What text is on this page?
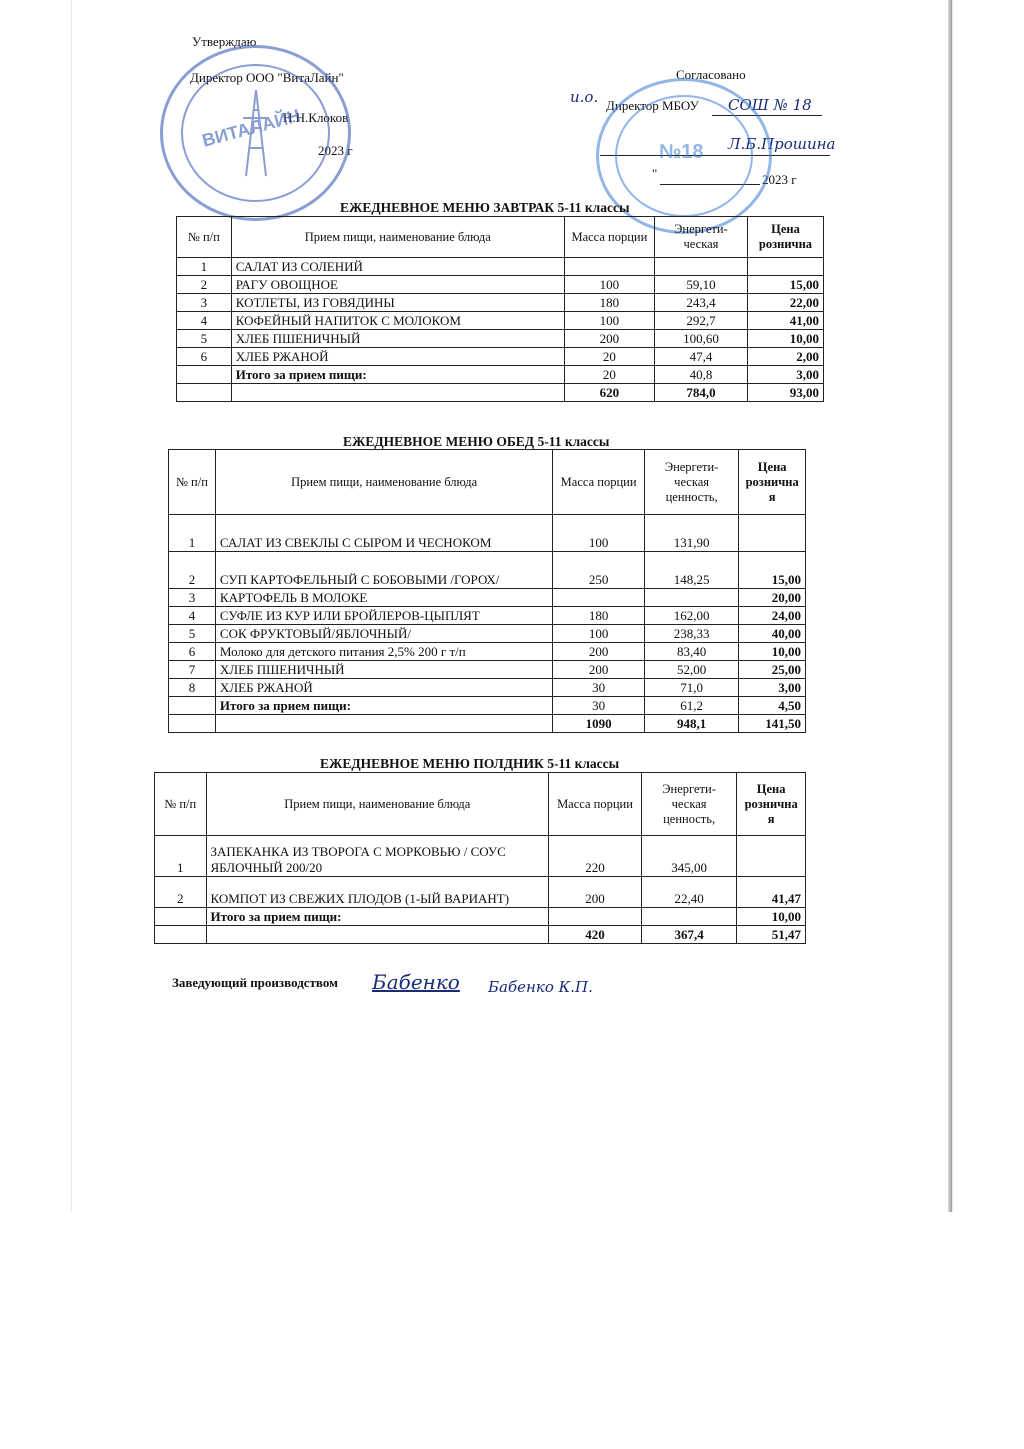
Утверждаю
Директор ООО "ВитаЛайн"
Н.Н.Клоков
2023 г
ВИТАЛАЙН
Согласовано
и.о. Директор МБОУ СОШ № 18
Л.Б.Прошина
"	2023 г
№18
ЕЖЕДНЕВНОЕ МЕНЮ ЗАВТРАК 5-11 классы
№ п/п	Прием пищи, наименование блюда	Масса порции	Энергети-ческая	Цена рознична
1	САЛАТ ИЗ СОЛЕНИЙ			
2	РАГУ ОВОЩНОЕ	100	59,10	15,00
3	КОТЛЕТЫ, ИЗ ГОВЯДИНЫ	180	243,4	22,00
4	КОФЕЙНЫЙ НАПИТОК С МОЛОКОМ	100	292,7	41,00
5	ХЛЕБ ПШЕНИЧНЫЙ	200	100,60	10,00
6	ХЛЕБ РЖАНОЙ	20	47,4	2,00
	Итого за прием пищи:	20	40,8	3,00
		620	784,0	93,00
ЕЖЕДНЕВНОЕ МЕНЮ ОБЕД 5-11 классы
№ п/п	Прием пищи, наименование блюда	Масса порции	Энергети-ческая ценность,	Цена рознична я
1	САЛАТ ИЗ СВЕКЛЫ С СЫРОМ И ЧЕСНОКОМ	100	131,90	
2	СУП КАРТОФЕЛЬНЫЙ С БОБОВЫМИ /ГОРОХ/	250	148,25	15,00
3	КАРТОФЕЛЬ В МОЛОКЕ			20,00
4	СУФЛЕ ИЗ КУР ИЛИ БРОЙЛЕРОВ-ЦЫПЛЯТ	180	162,00	24,00
5	СОК ФРУКТОВЫЙ/ЯБЛОЧНЫЙ/	100	238,33	40,00
6	Молоко для детского питания 2,5% 200 г т/п	200	83,40	10,00
7	ХЛЕБ ПШЕНИЧНЫЙ	200	52,00	25,00
8	ХЛЕБ РЖАНОЙ	30	71,0	3,00
	Итого за прием пищи:	30	61,2	4,50
		1090	948,1	141,50
ЕЖЕДНЕВНОЕ МЕНЮ ПОЛДНИК 5-11 классы
№ п/п	Прием пищи, наименование блюда	Масса порции	Энергети-ческая ценность,	Цена рознична я
1	ЗАПЕКАНКА ИЗ ТВОРОГА С МОРКОВЬЮ / СОУС ЯБЛОЧНЫЙ 200/20	220	345,00	
2	КОМПОТ ИЗ СВЕЖИХ ПЛОДОВ (1-ЫЙ ВАРИАНТ)	200	22,40	41,47
	Итого за прием пищи:			10,00
		420	367,4	51,47
Заведующий производством Бабенко Бабенко К.П.
